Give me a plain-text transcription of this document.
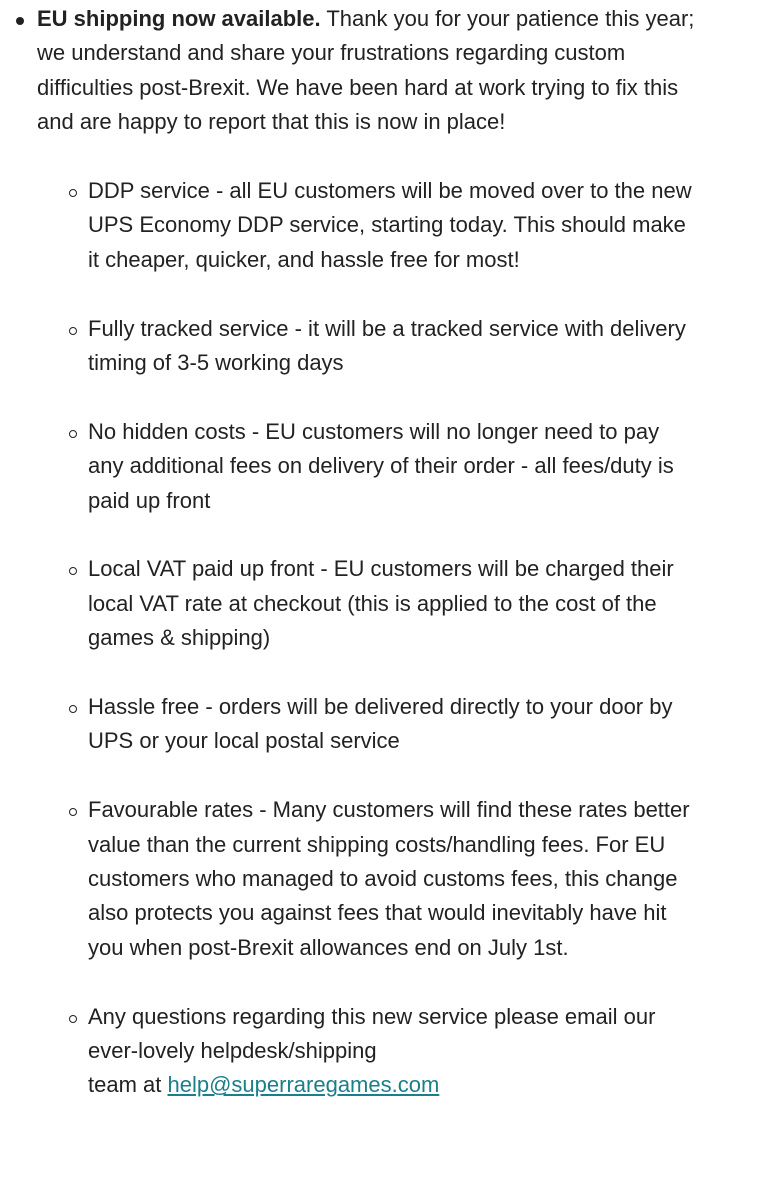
EU shipping now available. Thank you for your patience this year; we understand and share your frustrations regarding custom difficulties post-Brexit. We have been hard at work trying to fix this and are happy to report that this is now in place!
DDP service - all EU customers will be moved over to the new UPS Economy DDP service, starting today. This should make it cheaper, quicker, and hassle free for most!
Fully tracked service - it will be a tracked service with delivery timing of 3-5 working days
No hidden costs - EU customers will no longer need to pay any additional fees on delivery of their order - all fees/duty is paid up front
Local VAT paid up front - EU customers will be charged their local VAT rate at checkout (this is applied to the cost of the games & shipping)
Hassle free - orders will be delivered directly to your door by UPS or your local postal service
Favourable rates - Many customers will find these rates better value than the current shipping costs/handling fees. For EU customers who managed to avoid customs fees, this change also protects you against fees that would inevitably have hit you when post-Brexit allowances end on July 1st.
Any questions regarding this new service please email our ever-lovely helpdesk/shipping
team at help@superraregames.com
